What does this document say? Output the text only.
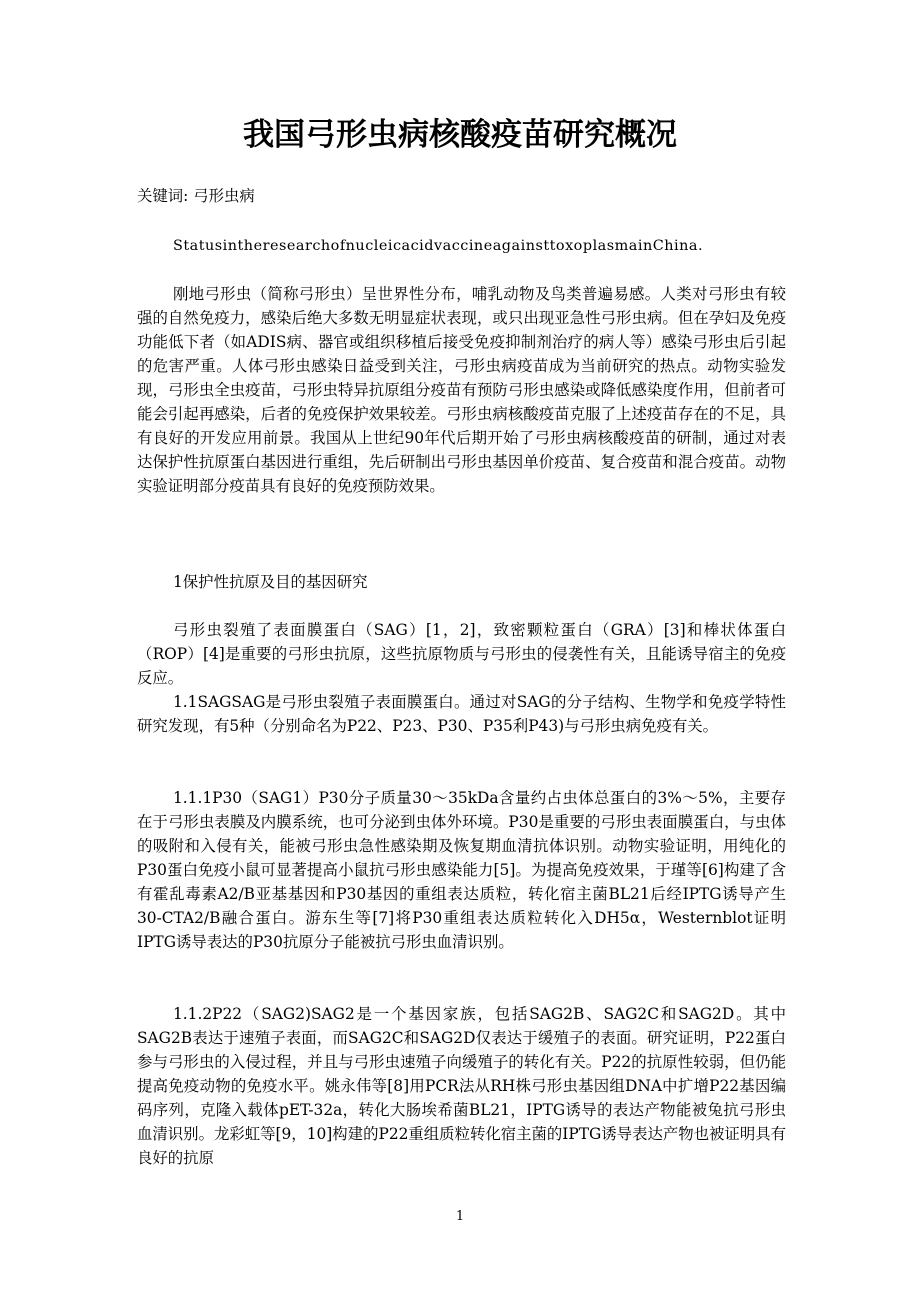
我国弓形虫病核酸疫苗研究概况

关键词: 弓形虫病

StatusintheresearchofnucleicacidvaccineagainsttoxoplasmainChina.

刚地弓形虫（简称弓形虫）呈世界性分布，哺乳动物及鸟类普遍易感。人类对弓形虫有较强的自然免疫力，感染后绝大多数无明显症状表现，或只出现亚急性弓形虫病。但在孕妇及免疫功能低下者（如ADIS病、器官或组织移植后接受免疫抑制剂治疗的病人等）感染弓形虫后引起的危害严重。人体弓形虫感染日益受到关注，弓形虫病疫苗成为当前研究的热点。动物实验发现，弓形虫全虫疫苗，弓形虫特异抗原组分疫苗有预防弓形虫感染或降低感染度作用，但前者可能会引起再感染，后者的免疫保护效果较差。弓形虫病核酸疫苗克服了上述疫苗存在的不足，具有良好的开发应用前景。我国从上世纪90年代后期开始了弓形虫病核酸疫苗的研制，通过对表达保护性抗原蛋白基因进行重组，先后研制出弓形虫基因单价疫苗、复合疫苗和混合疫苗。动物实验证明部分疫苗具有良好的免疫预防效果。

1保护性抗原及目的基因研究

弓形虫裂殖了表面膜蛋白（SAG）[1，2]，致密颗粒蛋白（GRA）[3]和棒状体蛋白（ROP）[4]是重要的弓形虫抗原，这些抗原物质与弓形虫的侵袭性有关，且能诱导宿主的免疫反应。

1.1SAGSAG是弓形虫裂殖子表面膜蛋白。通过对SAG的分子结构、生物学和免疫学特性研究发现，有5种（分别命名为P22、P23、P30、P35利P43)与弓形虫病免疫有关。

1.1.1P30（SAG1）P30分子质量30～35kDa含量约占虫体总蛋白的3%～5%，主要存在于弓形虫表膜及内膜系统，也可分泌到虫体外环境。P30是重要的弓形虫表面膜蛋白，与虫体的吸附和入侵有关，能被弓形虫急性感染期及恢复期血清抗体识别。动物实验证明，用纯化的P30蛋白免疫小鼠可显著提高小鼠抗弓形虫感染能力[5]。为提高免疫效果，于瑾等[6]构建了含有霍乱毒素A2/B亚基基因和P30基因的重组表达质粒，转化宿主菌BL21后经IPTG诱导产生30-CTA2/B融合蛋白。游东生等[7]将P30重组表达质粒转化入DH5α，Westernblot证明IPTG诱导表达的P30抗原分子能被抗弓形虫血清识别。

1.1.2P22（SAG2)SAG2是一个基因家族，包括SAG2B、SAG2C和SAG2D。其中SAG2B表达于速殖子表面，而SAG2C和SAG2D仅表达于缓殖子的表面。研究证明，P22蛋白参与弓形虫的入侵过程，并且与弓形虫速殖子向缓殖子的转化有关。P22的抗原性较弱，但仍能提高免疫动物的免疫水平。姚永伟等[8]用PCR法从RH株弓形虫基因组DNA中扩增P22基因编码序列，克隆入载体pET-32a，转化大肠埃希菌BL21，IPTG诱导的表达产物能被兔抗弓形虫血清识别。龙彩虹等[9，10]构建的P22重组质粒转化宿主菌的IPTG诱导表达产物也被证明具有良好的抗原

1
